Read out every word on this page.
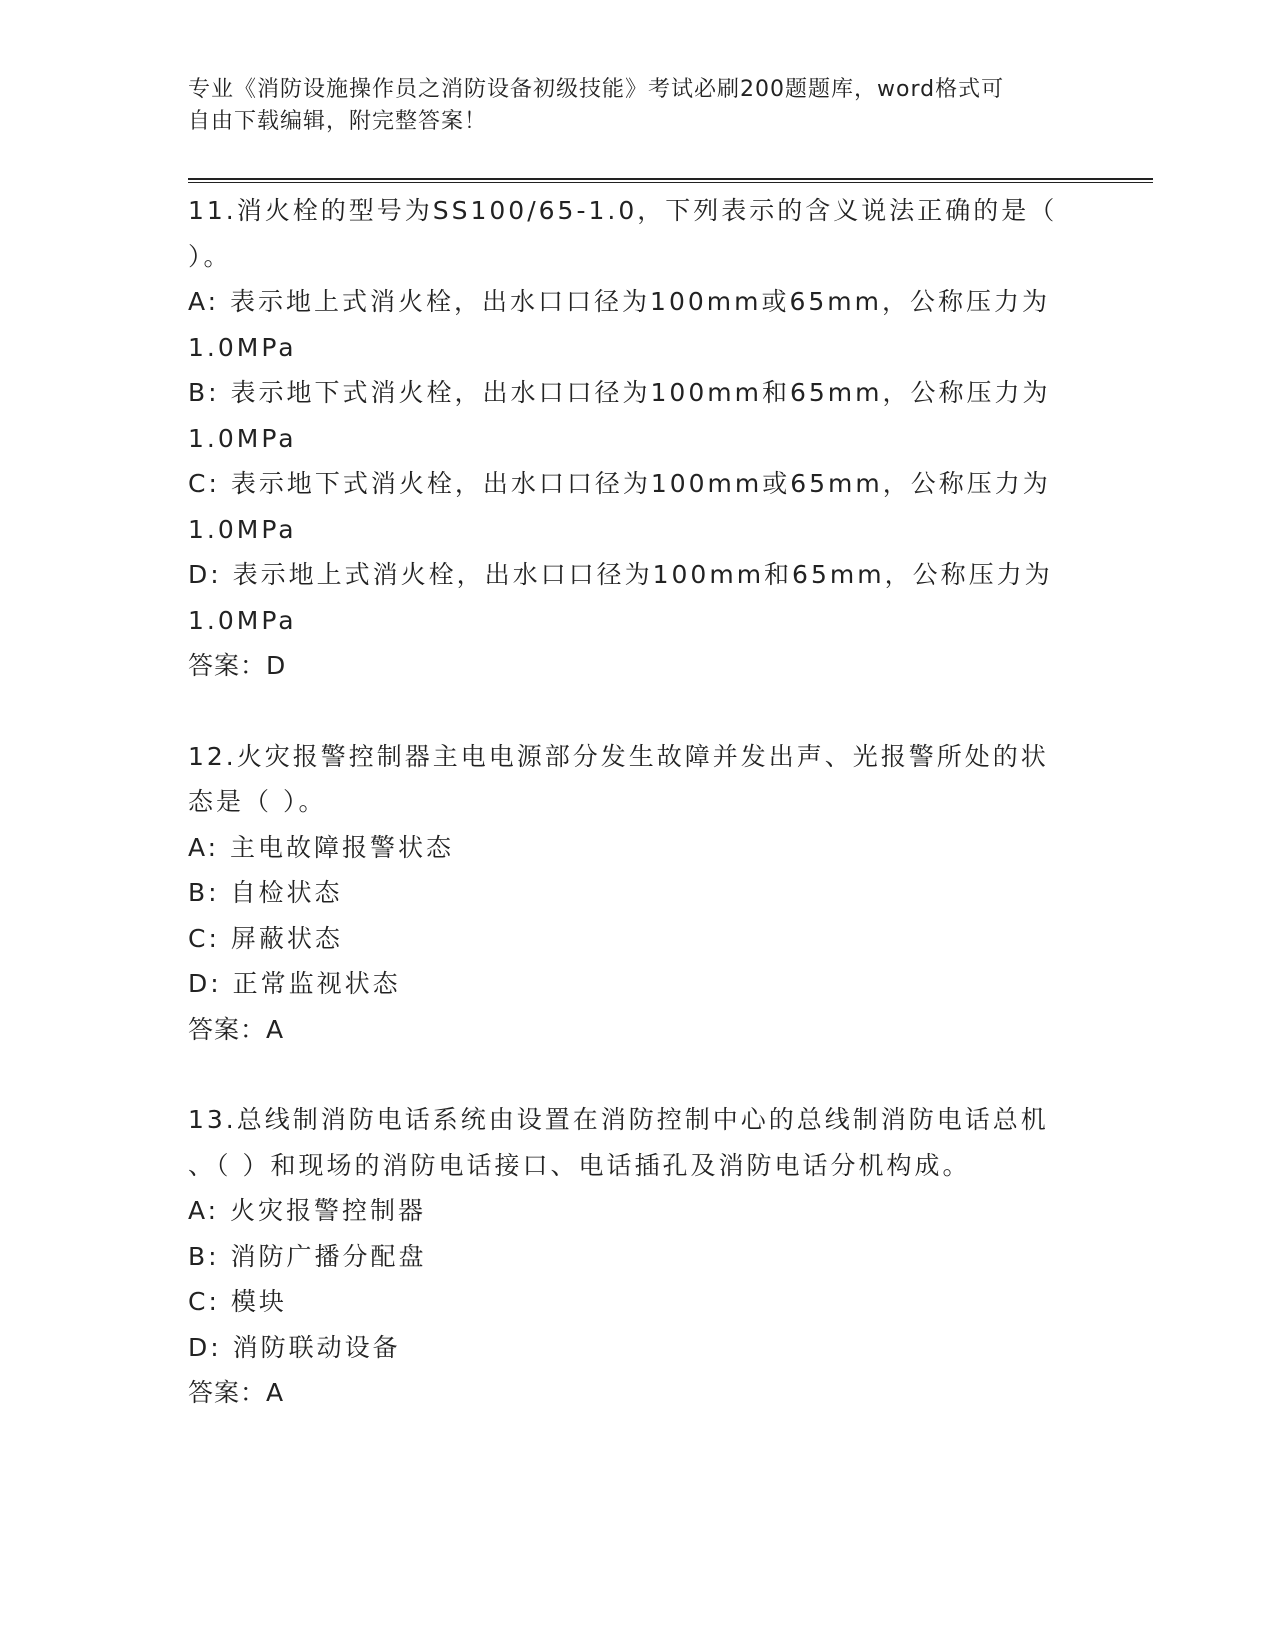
专业《消防设施操作员之消防设备初级技能》考试必刷200题题库，word格式可
自由下载编辑，附完整答案！

11.消火栓的型号为SS100/65-1.0，下列表示的含义说法正确的是（

）。

A: 表示地上式消火栓，出水口口径为100mm或65mm，公称压力为

1.0MPa

B: 表示地下式消火栓，出水口口径为100mm和65mm，公称压力为

1.0MPa

C: 表示地下式消火栓，出水口口径为100mm或65mm，公称压力为

1.0MPa

D: 表示地上式消火栓，出水口口径为100mm和65mm，公称压力为

1.0MPa

答案：D

12.火灾报警控制器主电电源部分发生故障并发出声、光报警所处的状

态是（ ）。

A: 主电故障报警状态

B: 自检状态

C: 屏蔽状态

D: 正常监视状态

答案：A

13.总线制消防电话系统由设置在消防控制中心的总线制消防电话总机

、（ ）和现场的消防电话接口、电话插孔及消防电话分机构成。

A: 火灾报警控制器

B: 消防广播分配盘

C: 模块

D: 消防联动设备

答案：A
